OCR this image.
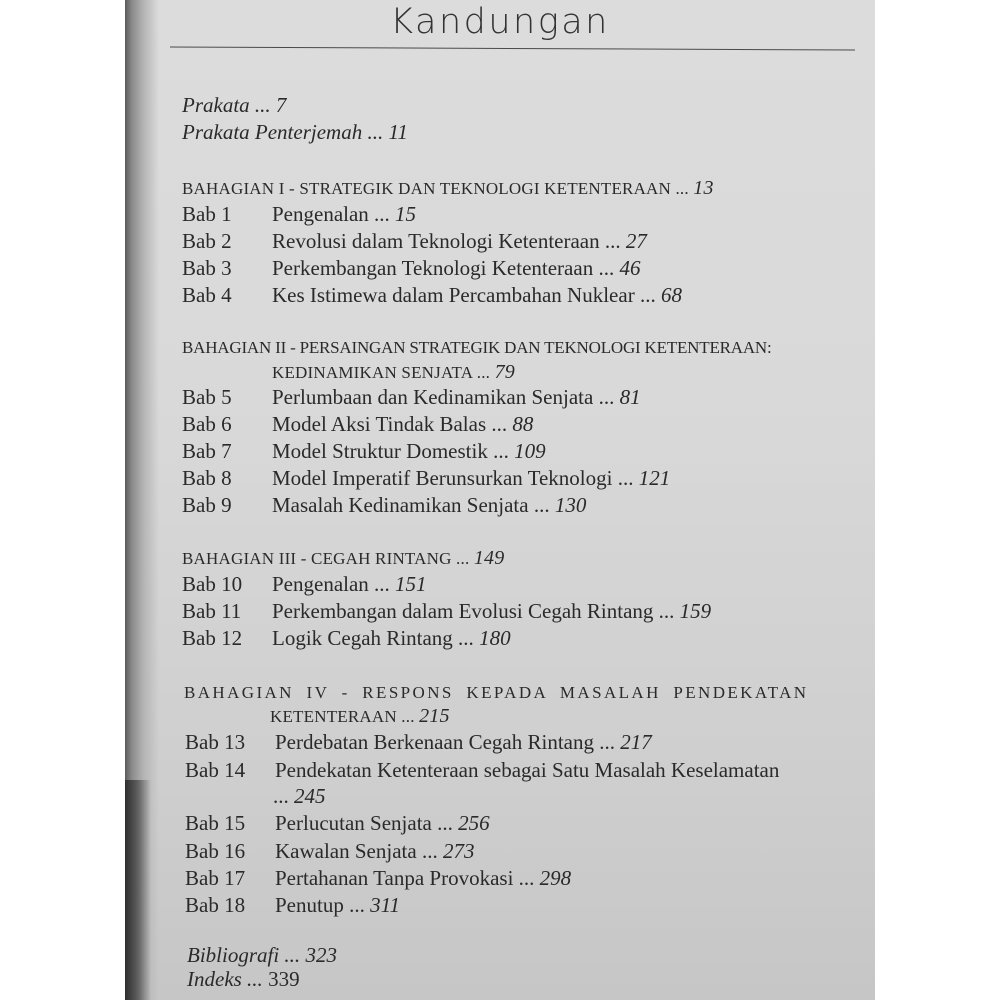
Kandungan
Prakata ... 7
Prakata Penterjemah ... 11
BAHAGIAN I - STRATEGIK DAN TEKNOLOGI KETENTERAAN ... 13
Bab 1 Pengenalan ... 15
Bab 2 Revolusi dalam Teknologi Ketenteraan ... 27
Bab 3 Perkembangan Teknologi Ketenteraan ... 46
Bab 4 Kes Istimewa dalam Percambahan Nuklear ... 68
BAHAGIAN II - PERSAINGAN STRATEGIK DAN TEKNOLOGI KETENTERAAN:
KEDINAMIKAN SENJATA ... 79
Bab 5 Perlumbaan dan Kedinamikan Senjata ... 81
Bab 6 Model Aksi Tindak Balas ... 88
Bab 7 Model Struktur Domestik ... 109
Bab 8 Model Imperatif Berunsurkan Teknologi ... 121
Bab 9 Masalah Kedinamikan Senjata ... 130
BAHAGIAN III - CEGAH RINTANG ... 149
Bab 10 Pengenalan ... 151
Bab 11 Perkembangan dalam Evolusi Cegah Rintang ... 159
Bab 12 Logik Cegah Rintang ... 180
BAHAGIAN IV - RESPONS KEPADA MASALAH PENDEKATAN
KETENTERAAN ... 215
Bab 13 Perdebatan Berkenaan Cegah Rintang ... 217
Bab 14 Pendekatan Ketenteraan sebagai Satu Masalah Keselamatan
... 245
Bab 15 Perlucutan Senjata ... 256
Bab 16 Kawalan Senjata ... 273
Bab 17 Pertahanan Tanpa Provokasi ... 298
Bab 18 Penutup ... 311
Bibliografi ... 323
Indeks ... 339
